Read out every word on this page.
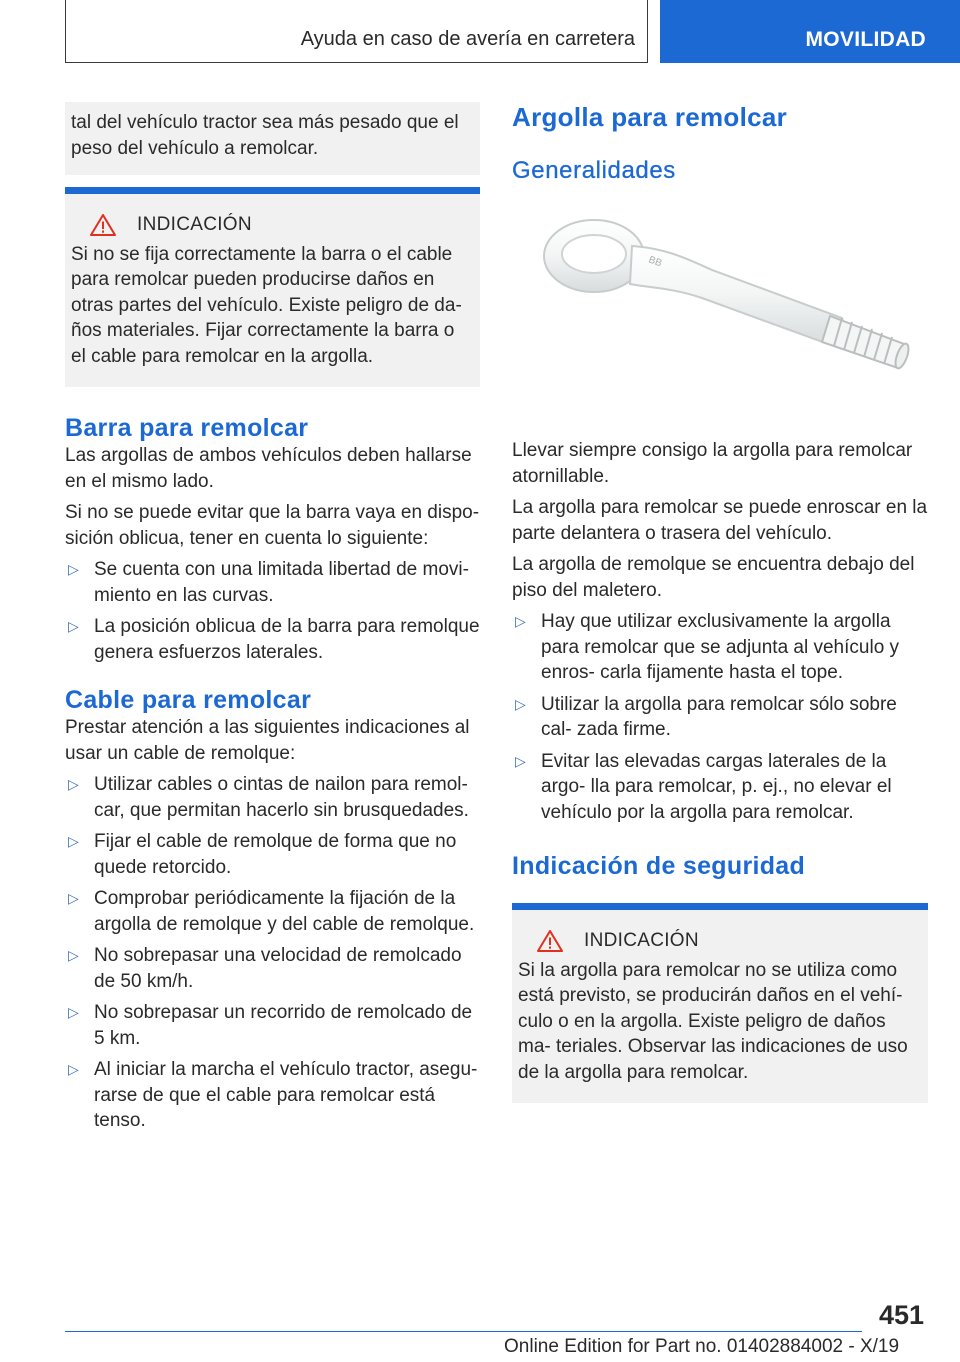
Ayuda en caso de avería en carretera	MOVILIDAD
tal del vehículo tractor sea más pesado que el peso del vehículo a remolcar.
INDICACIÓN
Si no se fija correctamente la barra o el cable para remolcar pueden producirse daños en otras partes del vehículo. Existe peligro de da‐ ños materiales. Fijar correctamente la barra o el cable para remolcar en la argolla.
Barra para remolcar

Las argollas de ambos vehículos deben hallarse en el mismo lado.

Si no se puede evitar que la barra vaya en dispo‐ sición oblicua, tener en cuenta lo siguiente:

▷ Se cuenta con una limitada libertad de movi‐ miento en las curvas.
▷ La posición oblicua de la barra para remolque genera esfuerzos laterales.
Cable para remolcar

Prestar atención a las siguientes indicaciones al usar un cable de remolque:

▷ Utilizar cables o cintas de nailon para remol‐ car, que permitan hacerlo sin brusquedades.
▷ Fijar el cable de remolque de forma que no quede retorcido.
▷ Comprobar periódicamente la fijación de la argolla de remolque y del cable de remolque.
▷ No sobrepasar una velocidad de remolcado de 50 km/h.
▷ No sobrepasar un recorrido de remolcado de 5 km.
▷ Al iniciar la marcha el vehículo tractor, asegu‐ rarse de que el cable para remolcar está tenso.
Argolla para remolcar
Generalidades
BB

Llevar siempre consigo la argolla para remolcar atornillable.

La argolla para remolcar se puede enroscar en la parte delantera o trasera del vehículo.

La argolla de remolque se encuentra debajo del piso del maletero.

▷ Hay que utilizar exclusivamente la argolla para remolcar que se adjunta al vehículo y enros‐ carla fijamente hasta el tope.
▷ Utilizar la argolla para remolcar sólo sobre cal‐ zada firme.
▷ Evitar las elevadas cargas laterales de la argo‐ lla para remolcar, p. ej., no elevar el vehículo por la argolla para remolcar.
Indicación de seguridad
INDICACIÓN
Si la argolla para remolcar no se utiliza como está previsto, se producirán daños en el vehí‐ culo o en la argolla. Existe peligro de daños ma‐ teriales. Observar las indicaciones de uso de la argolla para remolcar.
451
Online Edition for Part no. 01402884002 - X/19
